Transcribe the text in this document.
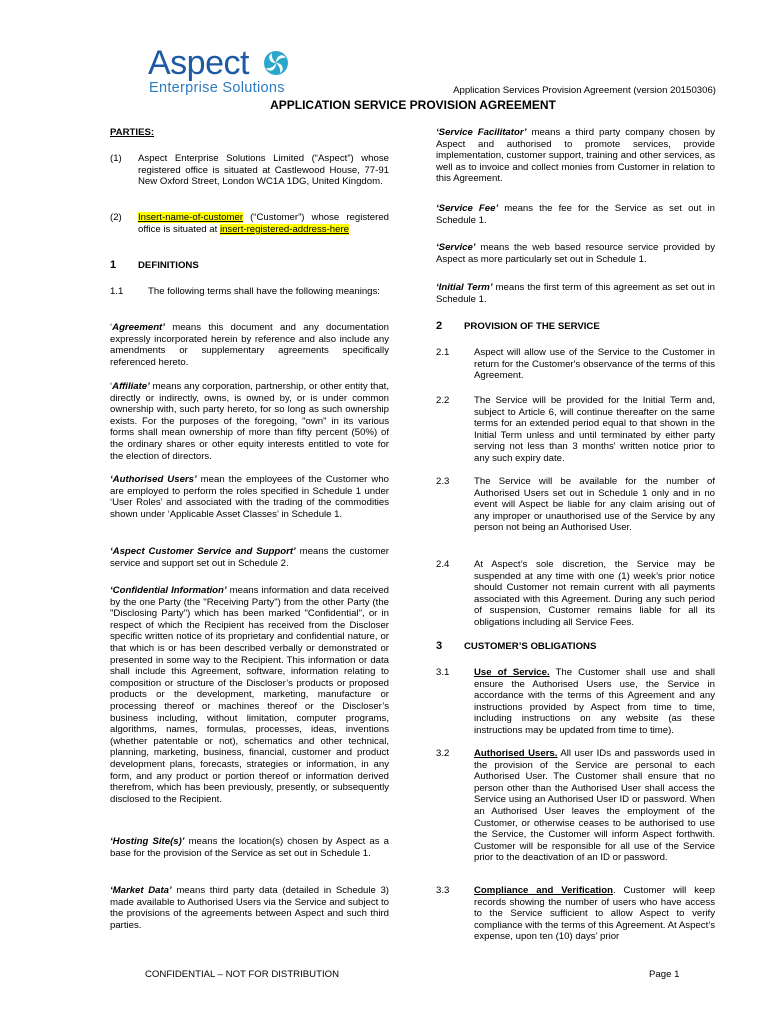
Aspect
Enterprise Solutions	Application Services Provision Agreement (version 20150306)
APPLICATION SERVICE PROVISION AGREEMENT
PARTIES:
(1) Aspect Enterprise Solutions Limited (“Aspect”) whose registered office is situated at Castlewood House, 77-91 New Oxford Street, London WC1A 1DG, United Kingdom.
(2) Insert-name-of-customer (“Customer”) whose registered office is situated at insert-registered-address-here
1 DEFINITIONS
1.1	The following terms shall have the following meanings:
‘Agreement’ means this document and any documentation expressly incorporated herein by reference and also include any amendments or supplementary agreements specifically referenced hereto.
‘Affiliate’ means any corporation, partnership, or other entity that, directly or indirectly, owns, is owned by, or is under common ownership with, such party hereto, for so long as such ownership exists. For the purposes of the foregoing, "own" in its various forms shall mean ownership of more than fifty percent (50%) of the ordinary shares or other equity interests entitled to vote for the election of directors.
‘Authorised Users’ mean the employees of the Customer who are employed to perform the roles specified in Schedule 1 under ‘User Roles’ and associated with the trading of the commodities shown under ‘Applicable Asset Classes’ in Schedule 1.
‘Aspect Customer Service and Support’ means the customer service and support set out in Schedule 2.
‘Confidential Information’ means information and data received by the one Party (the "Receiving Party") from the other Party (the "Disclosing Party") which has been marked "Confidential", or in respect of which the Recipient has received from the Discloser specific written notice of its proprietary and confidential nature, or that which is or has been described verbally or demonstrated or presented in some way to the Recipient. This information or data shall include this Agreement, software, information relating to composition or structure of the Discloser’s products or proposed products or the development, marketing, manufacture or processing thereof or machines thereof or the Discloser’s business including, without limitation, computer programs, algorithms, names, formulas, processes, ideas, inventions (whether patentable or not), schematics and other technical, planning, marketing, business, financial, customer and product development plans, forecasts, strategies or information, in any form, and any product or portion thereof or information derived therefrom, which has been previously, presently, or subsequently disclosed to the Recipient.
‘Hosting Site(s)’ means the location(s) chosen by Aspect as a base for the provision of the Service as set out in Schedule 1.
‘Market Data’ means third party data (detailed in Schedule 3) made available to Authorised Users via the Service and subject to the provisions of the agreements between Aspect and such third parties.
‘Service Facilitator’ means a third party company chosen by Aspect and authorised to promote services, provide implementation, customer support, training and other services, as well as to invoice and collect monies from Customer in relation to this Agreement.
‘Service Fee’ means the fee for the Service as set out in Schedule 1.
‘Service’ means the web based resource service provided by Aspect as more particularly set out in Schedule 1.
‘Initial Term’ means the first term of this agreement as set out in Schedule 1.
2 PROVISION OF THE SERVICE
2.1	Aspect will allow use of the Service to the Customer in return for the Customer's observance of the terms of this Agreement.
2.2	The Service will be provided for the Initial Term and, subject to Article 6, will continue thereafter on the same terms for an extended period equal to that shown in the Initial Term unless and until terminated by either party serving not less than 3 months' written notice prior to any such expiry date.
2.3	The Service will be available for the number of Authorised Users set out in Schedule 1 only and in no event will Aspect be liable for any claim arising out of any improper or unauthorised use of the Service by any person not being an Authorised User.
2.4	At Aspect’s sole discretion, the Service may be suspended at any time with one (1) week’s prior notice should Customer not remain current with all payments associated with this Agreement. During any such period of suspension, Customer remains liable for all its obligations including all Service Fees.
3 CUSTOMER’S OBLIGATIONS
3.1	Use of Service. The Customer shall use and shall ensure the Authorised Users use, the Service in accordance with the terms of this Agreement and any instructions provided by Aspect from time to time, including instructions on any website (as these instructions may be updated from time to time).
3.2	Authorised Users. All user IDs and passwords used in the provision of the Service are personal to each Authorised User. The Customer shall ensure that no person other than the Authorised User shall access the Service using an Authorised User ID or password. When an Authorised User leaves the employment of the Customer, or otherwise ceases to be authorised to use the Service, the Customer will inform Aspect forthwith. Customer will be responsible for all use of the Service prior to the deactivation of an ID or password.
3.3	Compliance and Verification. Customer will keep records showing the number of users who have access to the Service sufficient to allow Aspect to verify compliance with the terms of this Agreement. At Aspect’s expense, upon ten (10) days’ prior
CONFIDENTIAL – NOT FOR DISTRIBUTION	Page 1
